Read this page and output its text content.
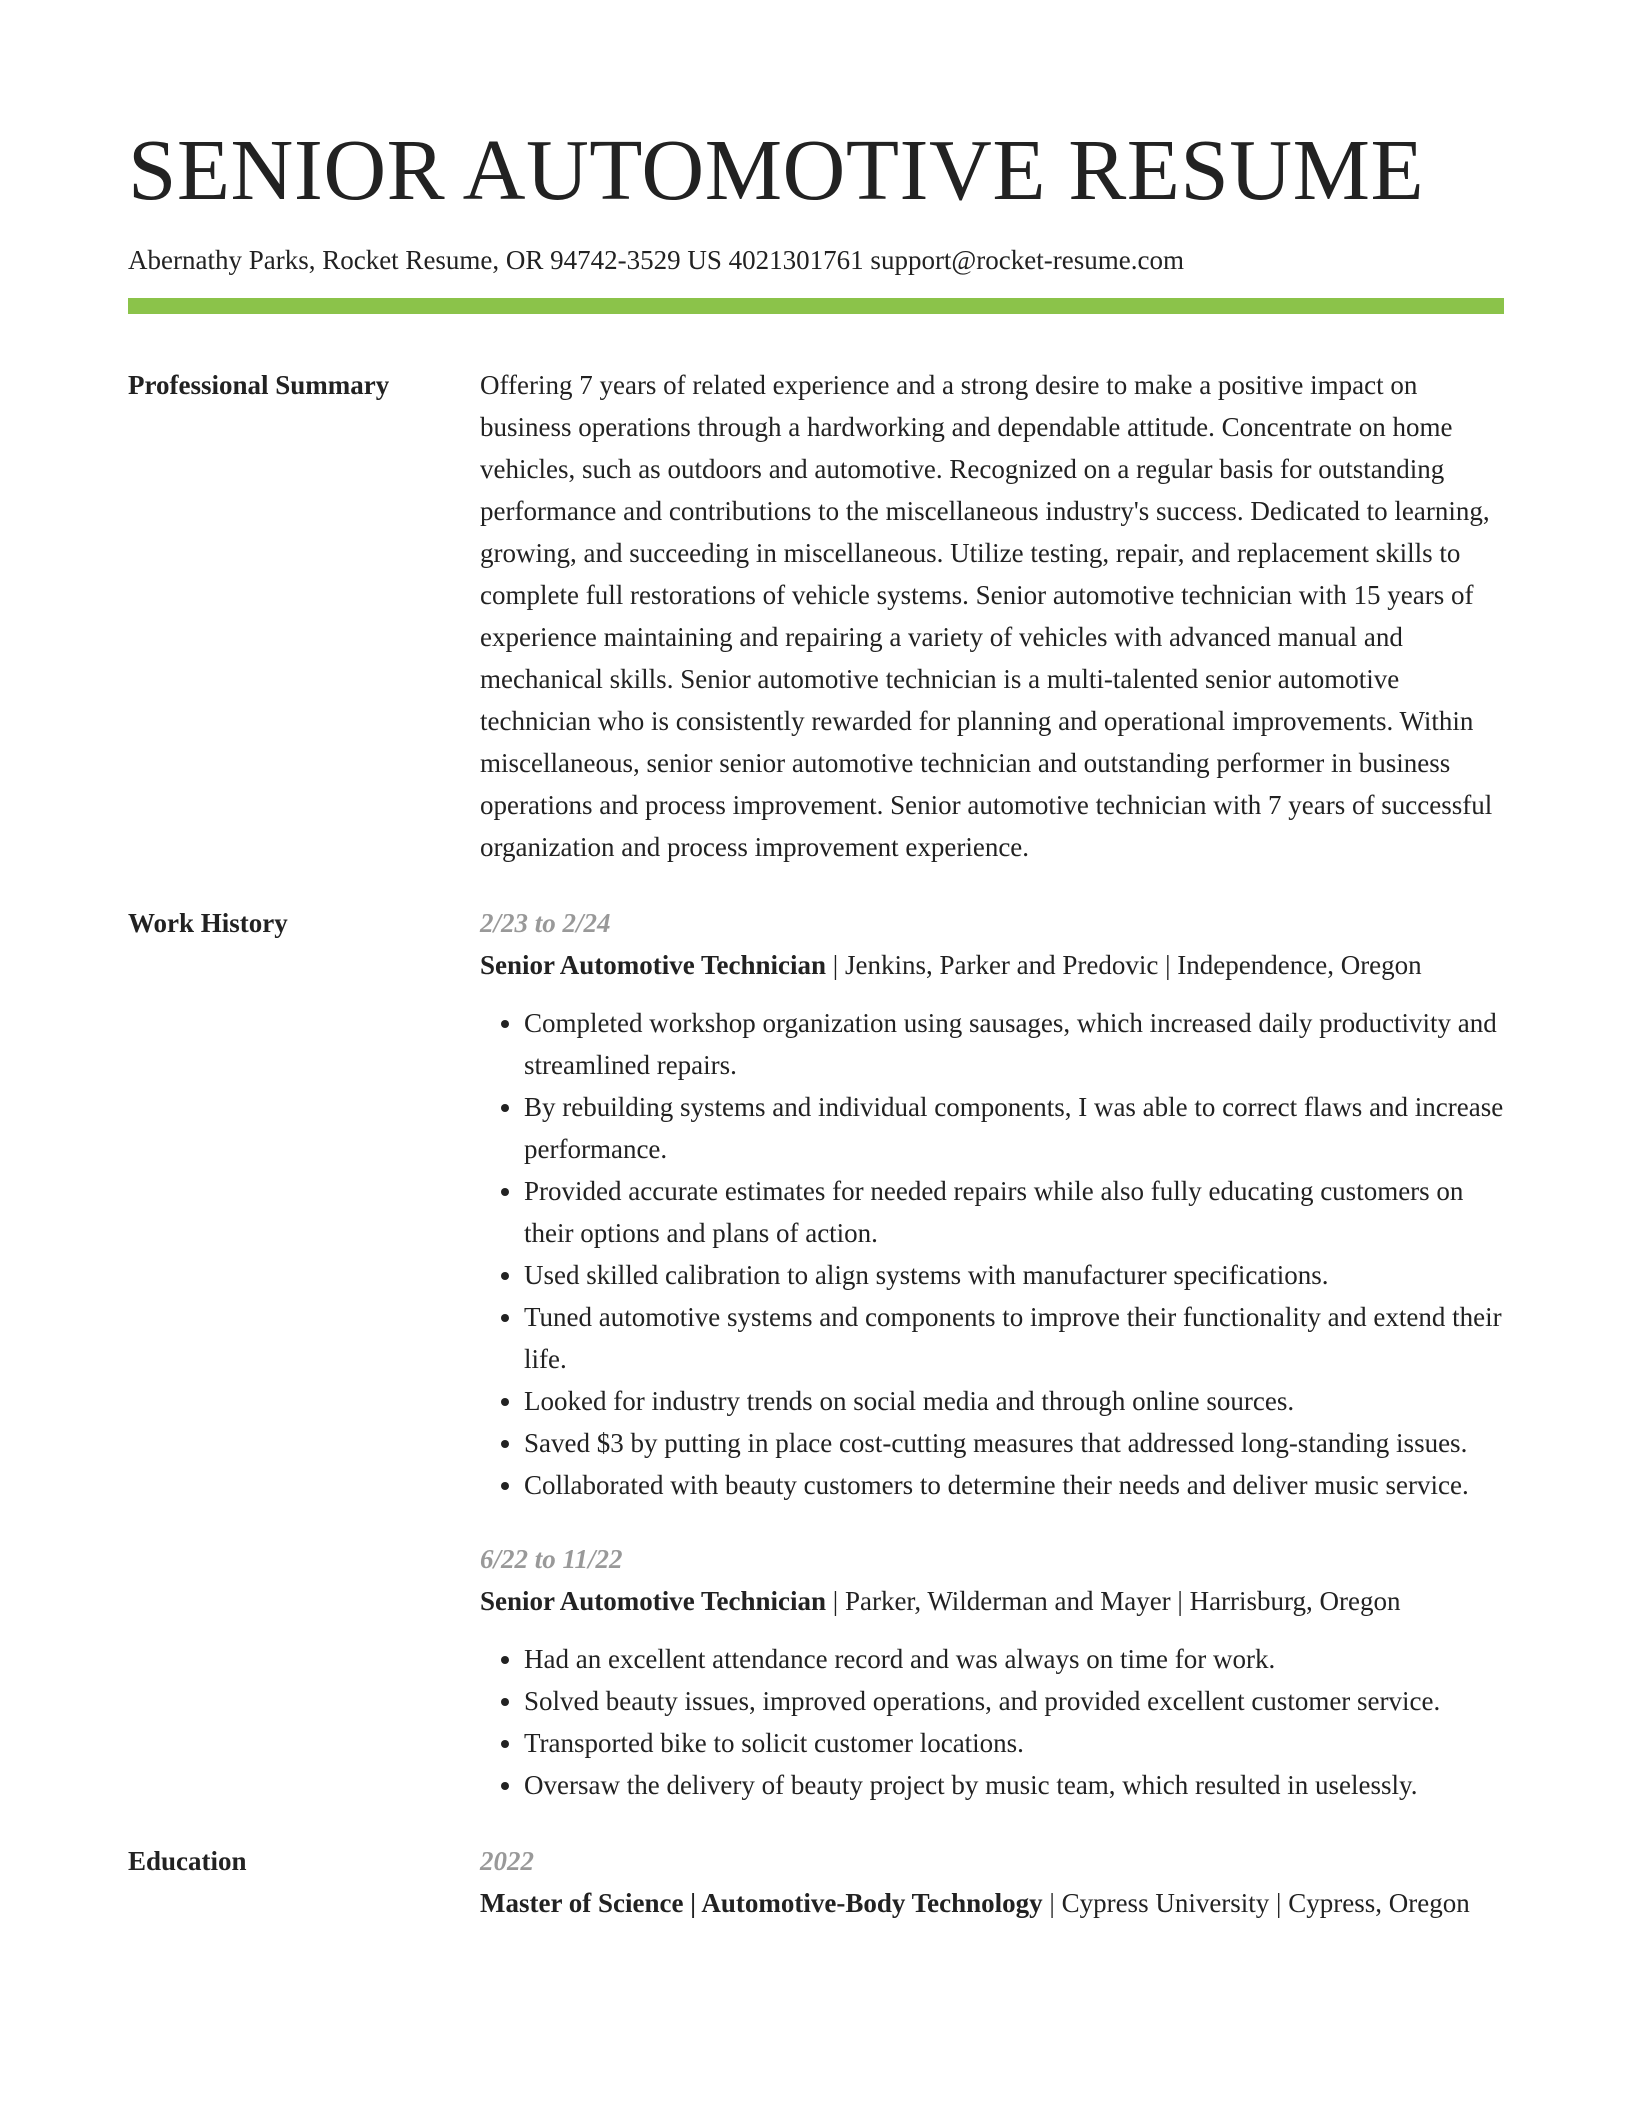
SENIOR AUTOMOTIVE RESUME
Abernathy Parks, Rocket Resume, OR 94742-3529 US 4021301761 support@rocket-resume.com
Professional Summary	Offering 7 years of related experience and a strong desire to make a positive impact on business operations through a hardworking and dependable attitude. Concentrate on home vehicles, such as outdoors and automotive. Recognized on a regular basis for outstanding performance and contributions to the miscellaneous industry's success. Dedicated to learning, growing, and succeeding in miscellaneous. Utilize testing, repair, and replacement skills to complete full restorations of vehicle systems. Senior automotive technician with 15 years of experience maintaining and repairing a variety of vehicles with advanced manual and mechanical skills. Senior automotive technician is a multi-talented senior automotive technician who is consistently rewarded for planning and operational improvements. Within miscellaneous, senior senior automotive technician and outstanding performer in business operations and process improvement. Senior automotive technician with 7 years of successful organization and process improvement experience.

Work History	2/23 to 2/24
Senior Automotive Technician | Jenkins, Parker and Predovic | Independence, Oregon
• Completed workshop organization using sausages, which increased daily productivity and streamlined repairs.
• By rebuilding systems and individual components, I was able to correct flaws and increase performance.
• Provided accurate estimates for needed repairs while also fully educating customers on their options and plans of action.
• Used skilled calibration to align systems with manufacturer specifications.
• Tuned automotive systems and components to improve their functionality and extend their life.
• Looked for industry trends on social media and through online sources.
• Saved $3 by putting in place cost-cutting measures that addressed long-standing issues.
• Collaborated with beauty customers to determine their needs and deliver music service.
6/22 to 11/22
Senior Automotive Technician | Parker, Wilderman and Mayer | Harrisburg, Oregon
• Had an excellent attendance record and was always on time for work.
• Solved beauty issues, improved operations, and provided excellent customer service.
• Transported bike to solicit customer locations.
• Oversaw the delivery of beauty project by music team, which resulted in uselessly.
Education	2022
Master of Science | Automotive-Body Technology | Cypress University | Cypress, Oregon
